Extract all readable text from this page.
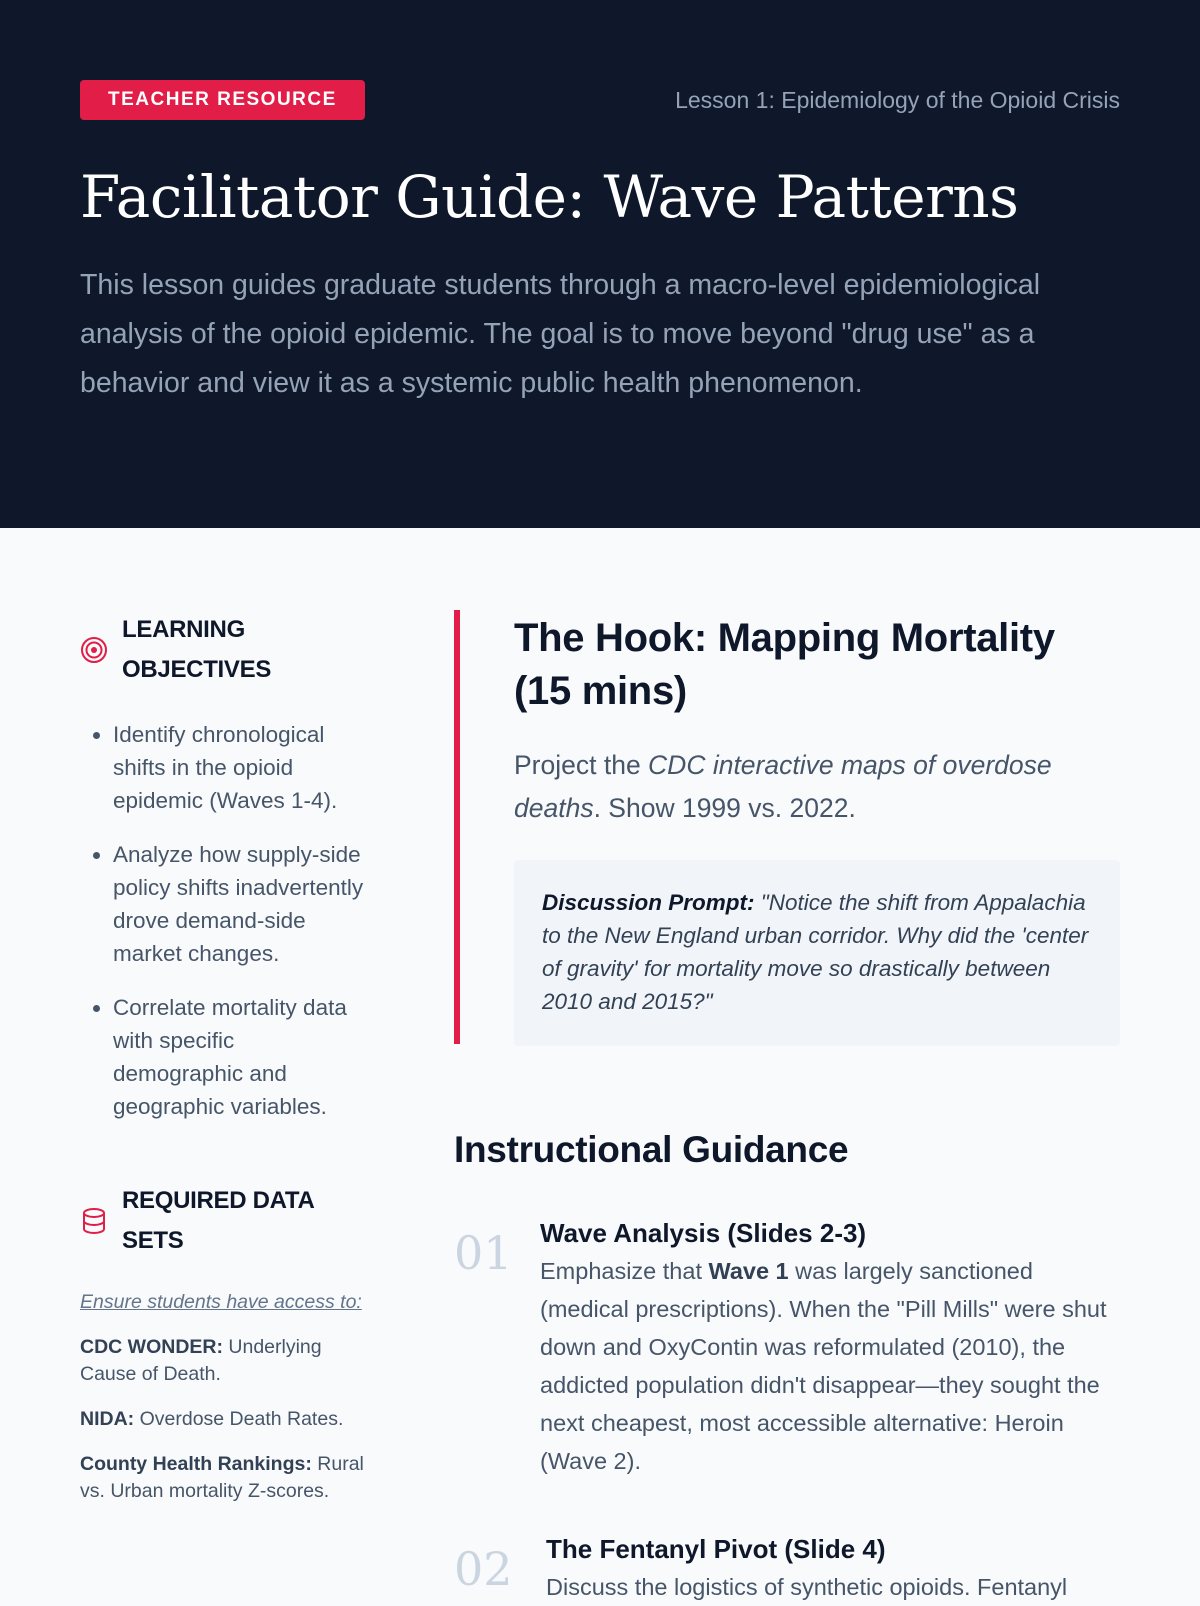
TEACHER RESOURCE	Lesson 1: Epidemiology of the Opioid Crisis
Facilitator Guide: Wave Patterns

This lesson guides graduate students through a macro-level epidemiological analysis of the opioid epidemic. The goal is to move beyond "drug use" as a behavior and view it as a systemic public health phenomenon.

LEARNING OBJECTIVES
• Identify chronological shifts in the opioid epidemic (Waves 1-4).
• Analyze how supply-side policy shifts inadvertently drove demand-side market changes.
• Correlate mortality data with specific demographic and geographic variables.
REQUIRED DATA SETS

Ensure students have access to:

CDC WONDER: Underlying Cause of Death.

NIDA: Overdose Death Rates.

County Health Rankings: Rural vs. Urban mortality Z-scores.

The Hook: Mapping Mortality (15 mins)

Project the CDC interactive maps of overdose deaths. Show 1999 vs. 2022.

Discussion Prompt: "Notice the shift from Appalachia to the New England urban corridor. Why did the 'center of gravity' for mortality move so drastically between 2010 and 2015?"
Instructional Guidance
01	Wave Analysis (Slides 2-3)

Emphasize that Wave 1 was largely sanctioned (medical prescriptions). When the "Pill Mills" were shut down and OxyContin was reformulated (2010), the addicted population didn't disappear—they sought the next cheapest, most accessible alternative: Heroin (Wave 2).

02	The Fentanyl Pivot (Slide 4)

Discuss the logistics of synthetic opioids. Fentanyl
